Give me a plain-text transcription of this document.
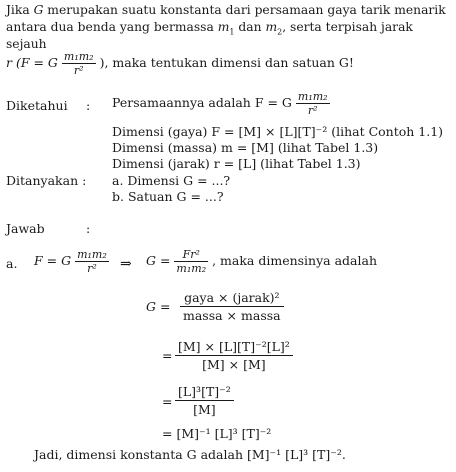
Jika G merupakan suatu konstanta dari persamaan gaya tarik menarik antara dua benda yang bermassa $m_1$ dan $m_2$, serta terpisah jarak sejauh
r (F = G $\frac{\text{m₁m₂}}{\text{r²}}$ ), maka tentukan dimensi dan satuan G!
Diketahui : Persamaannya adalah F = G $\frac{\text{m₁m₂}}{\text{r²}}$
Dimensi (gaya) F = [M] × [L][T]⁻² (lihat Contoh 1.1)
Dimensi (massa) m = [M] (lihat Tabel 1.3)
Dimensi (jarak) r = [L] (lihat Tabel 1.3)
Ditanyakan : a. Dimensi G = ...?
b. Satuan G = ...?
Jawab	:
a. F = G $\frac{\text{m₁m₂}}{\text{r²}}$ ⇒ $G = \frac{\text{Fr²}}{\text{m₁m₂}}$ , maka dimensinya adalah
$G = \frac{\text{gaya × (jarak)²}}{\text{massa × massa}}$
= $\frac{\text{[M] × [L][T]⁻²[L]²}}{[M] \times [M]}$
= $\frac{\text{[L]³[T]⁻²}}{[M]}$
= [M]⁻¹ [L]³ [T]⁻²
Jadi, dimensi konstanta G adalah [M]⁻¹ [L]³ [T]⁻².
